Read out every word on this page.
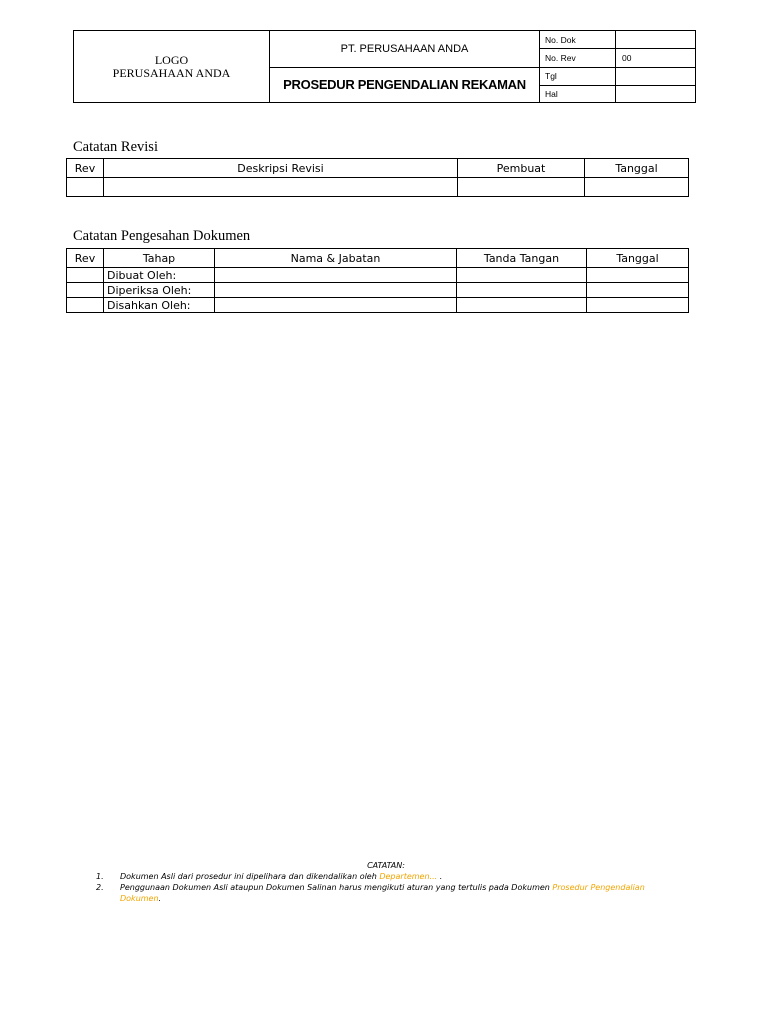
LOGO
PERUSAHAAN ANDA	PT. PERUSAHAAN ANDA	No. Dok	
		No. Rev	00
	PROSEDUR PENGENDALIAN REKAMAN	Tgl	
		Hal	
Catatan Revisi
Rev	Deskripsi Revisi	Pembuat	Tanggal

Catatan Pengesahan Dokumen
Rev	Tahap	Nama & Jabatan	Tanda Tangan	Tanggal
	Dibuat Oleh:			
	Diperiksa Oleh:			
	Disahkan Oleh:			
CATATAN:
1.	Dokumen Asli dari prosedur ini dipelihara dan dikendalikan oleh Departemen... .
2.	Penggunaan Dokumen Asli ataupun Dokumen Salinan harus mengikuti aturan yang tertulis pada Dokumen Prosedur Pengendalian Dokumen.
